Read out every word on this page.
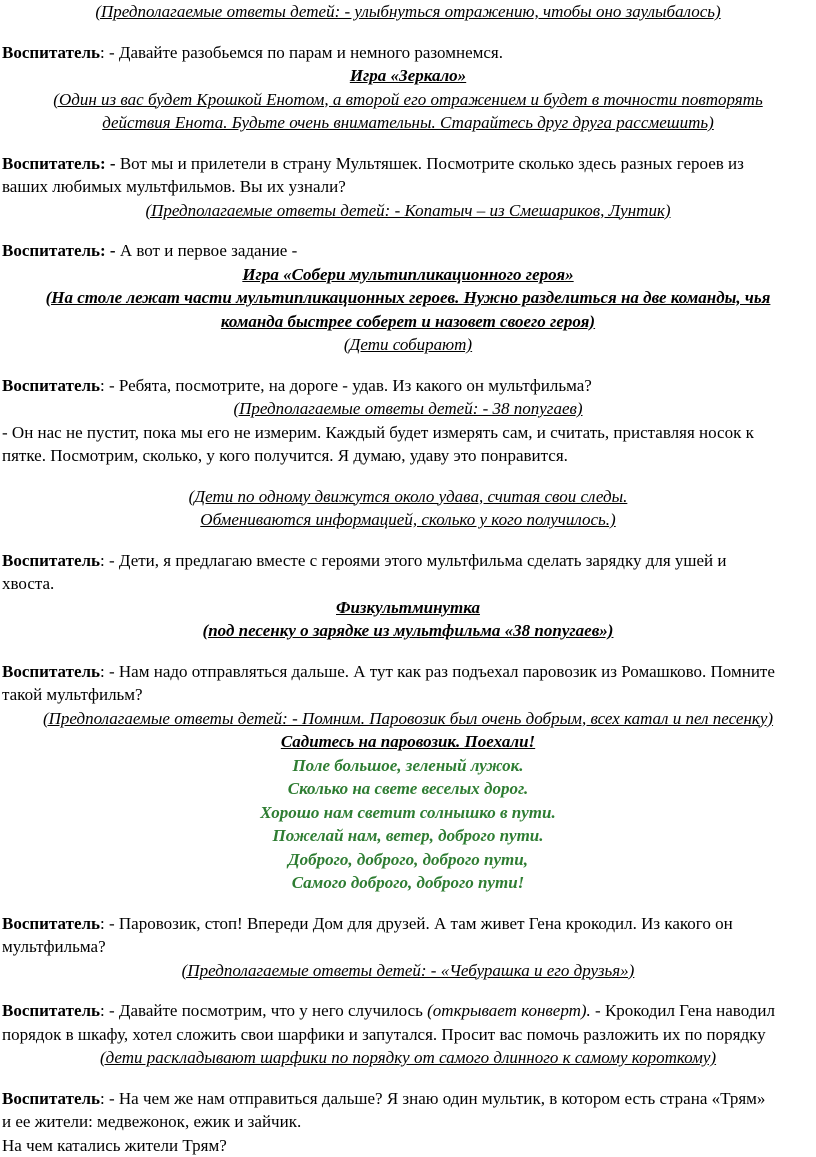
(Предполагаемые ответы детей: - улыбнуться отражению, чтобы оно заулыбалось)

Воспитатель: - Давайте разобьемся по парам и немного разомнемся.

Игра «Зеркало»

(Один из вас будет Крошкой Енотом, а второй его отражением и будет в точности повторять

действия Енота. Будьте очень внимательны. Старайтесь друг друга рассмешить)

Воспитатель: - Вот мы и прилетели в страну Мультяшек. Посмотрите сколько здесь разных героев из

ваших любимых мультфильмов. Вы их узнали?

(Предполагаемые ответы детей: - Копатыч – из Смешариков, Лунтик)

Воспитатель: - А вот и первое задание -

Игра «Собери мультипликационного героя»

(На столе лежат части мультипликационных героев. Нужно разделиться на две команды, чья

команда быстрее соберет и назовет своего героя)

(Дети собирают)

Воспитатель: - Ребята, посмотрите, на дороге - удав. Из какого он мультфильма?

(Предполагаемые ответы детей: - 38 попугаев)

- Он нас не пустит, пока мы его не измерим. Каждый будет измерять сам, и считать, приставляя носок к

пятке. Посмотрим, сколько, у кого получится. Я думаю, удаву это понравится.

(Дети по одному движутся около удава, считая свои следы.

Обмениваются информацией, сколько у кого получилось.)

Воспитатель: - Дети, я предлагаю вместе с героями этого мультфильма сделать зарядку для ушей и

хвоста.

Физкультминутка

(под песенку о зарядке из мультфильма «38 попугаев»)

Воспитатель: - Нам надо отправляться дальше. А тут как раз подъехал паровозик из Ромашково. Помните

такой мультфильм?

(Предполагаемые ответы детей: - Помним. Паровозик был очень добрым, всех катал и пел песенку)

Садитесь на паровозик. Поехали!

Поле большое, зеленый лужок.

Сколько на свете веселых дорог.

Хорошо нам светит солнышко в пути.

Пожелай нам, ветер, доброго пути.

Доброго, доброго, доброго пути,

Самого доброго, доброго пути!

Воспитатель: - Паровозик, стоп! Впереди Дом для друзей. А там живет Гена крокодил. Из какого он

мультфильма?

(Предполагаемые ответы детей: - «Чебурашка и его друзья»)

Воспитатель: - Давайте посмотрим, что у него случилось (открывает конверт). - Крокодил Гена наводил

порядок в шкафу, хотел сложить свои шарфики и запутался. Просит вас помочь разложить их по порядку

(дети раскладывают шарфики по порядку от самого длинного к самому короткому)

Воспитатель: - На чем же нам отправиться дальше? Я знаю один мультик, в котором есть страна «Трям»

и ее жители: медвежонок, ежик и зайчик.

На чем катались жители Трям?
